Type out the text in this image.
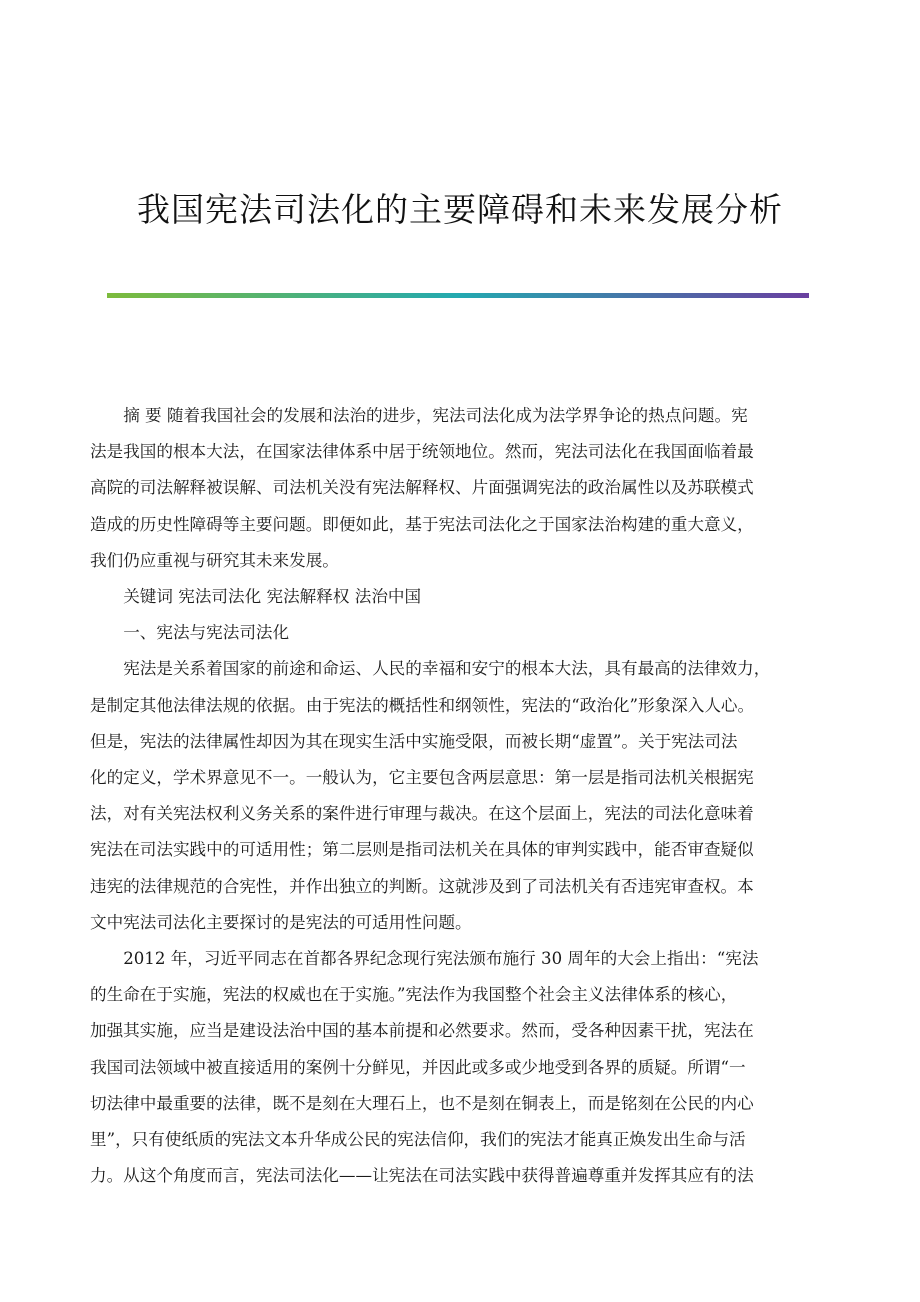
我国宪法司法化的主要障碍和未来发展分析

摘 要 随着我国社会的发展和法治的进步，宪法司法化成为法学界争论的热点问题。宪
法是我国的根本大法，在国家法律体系中居于统领地位。然而，宪法司法化在我国面临着最
高院的司法解释被误解、司法机关没有宪法解释权、片面强调宪法的政治属性以及苏联模式
造成的历史性障碍等主要问题。即便如此，基于宪法司法化之于国家法治构建的重大意义，
我们仍应重视与研究其未来发展。

关键词 宪法司法化 宪法解释权 法治中国

一、宪法与宪法司法化

宪法是关系着国家的前途和命运、人民的幸福和安宁的根本大法，具有最高的法律效力，
是制定其他法律法规的依据。由于宪法的概括性和纲领性，宪法的“政治化”形象深入人心。
但是，宪法的法律属性却因为其在现实生活中实施受限，而被长期“虚置”。关于宪法司法
化的定义，学术界意见不一。一般认为，它主要包含两层意思：第一层是指司法机关根据宪
法，对有关宪法权利义务关系的案件进行审理与裁决。在这个层面上，宪法的司法化意味着
宪法在司法实践中的可适用性；第二层则是指司法机关在具体的审判实践中，能否审查疑似
违宪的法律规范的合宪性，并作出独立的判断。这就涉及到了司法机关有否违宪审查权。本
文中宪法司法化主要探讨的是宪法的可适用性问题。

2012 年，习近平同志在首都各界纪念现行宪法颁布施行 30 周年的大会上指出：“宪法
的生命在于实施，宪法的权威也在于实施。”宪法作为我国整个社会主义法律体系的核心，
加强其实施，应当是建设法治中国的基本前提和必然要求。然而，受各种因素干扰，宪法在
我国司法领域中被直接适用的案例十分鲜见，并因此或多或少地受到各界的质疑。所谓“一
切法律中最重要的法律，既不是刻在大理石上，也不是刻在铜表上，而是铭刻在公民的内心
里”，只有使纸质的宪法文本升华成公民的宪法信仰，我们的宪法才能真正焕发出生命与活
力。从这个角度而言，宪法司法化——让宪法在司法实践中获得普遍尊重并发挥其应有的法
